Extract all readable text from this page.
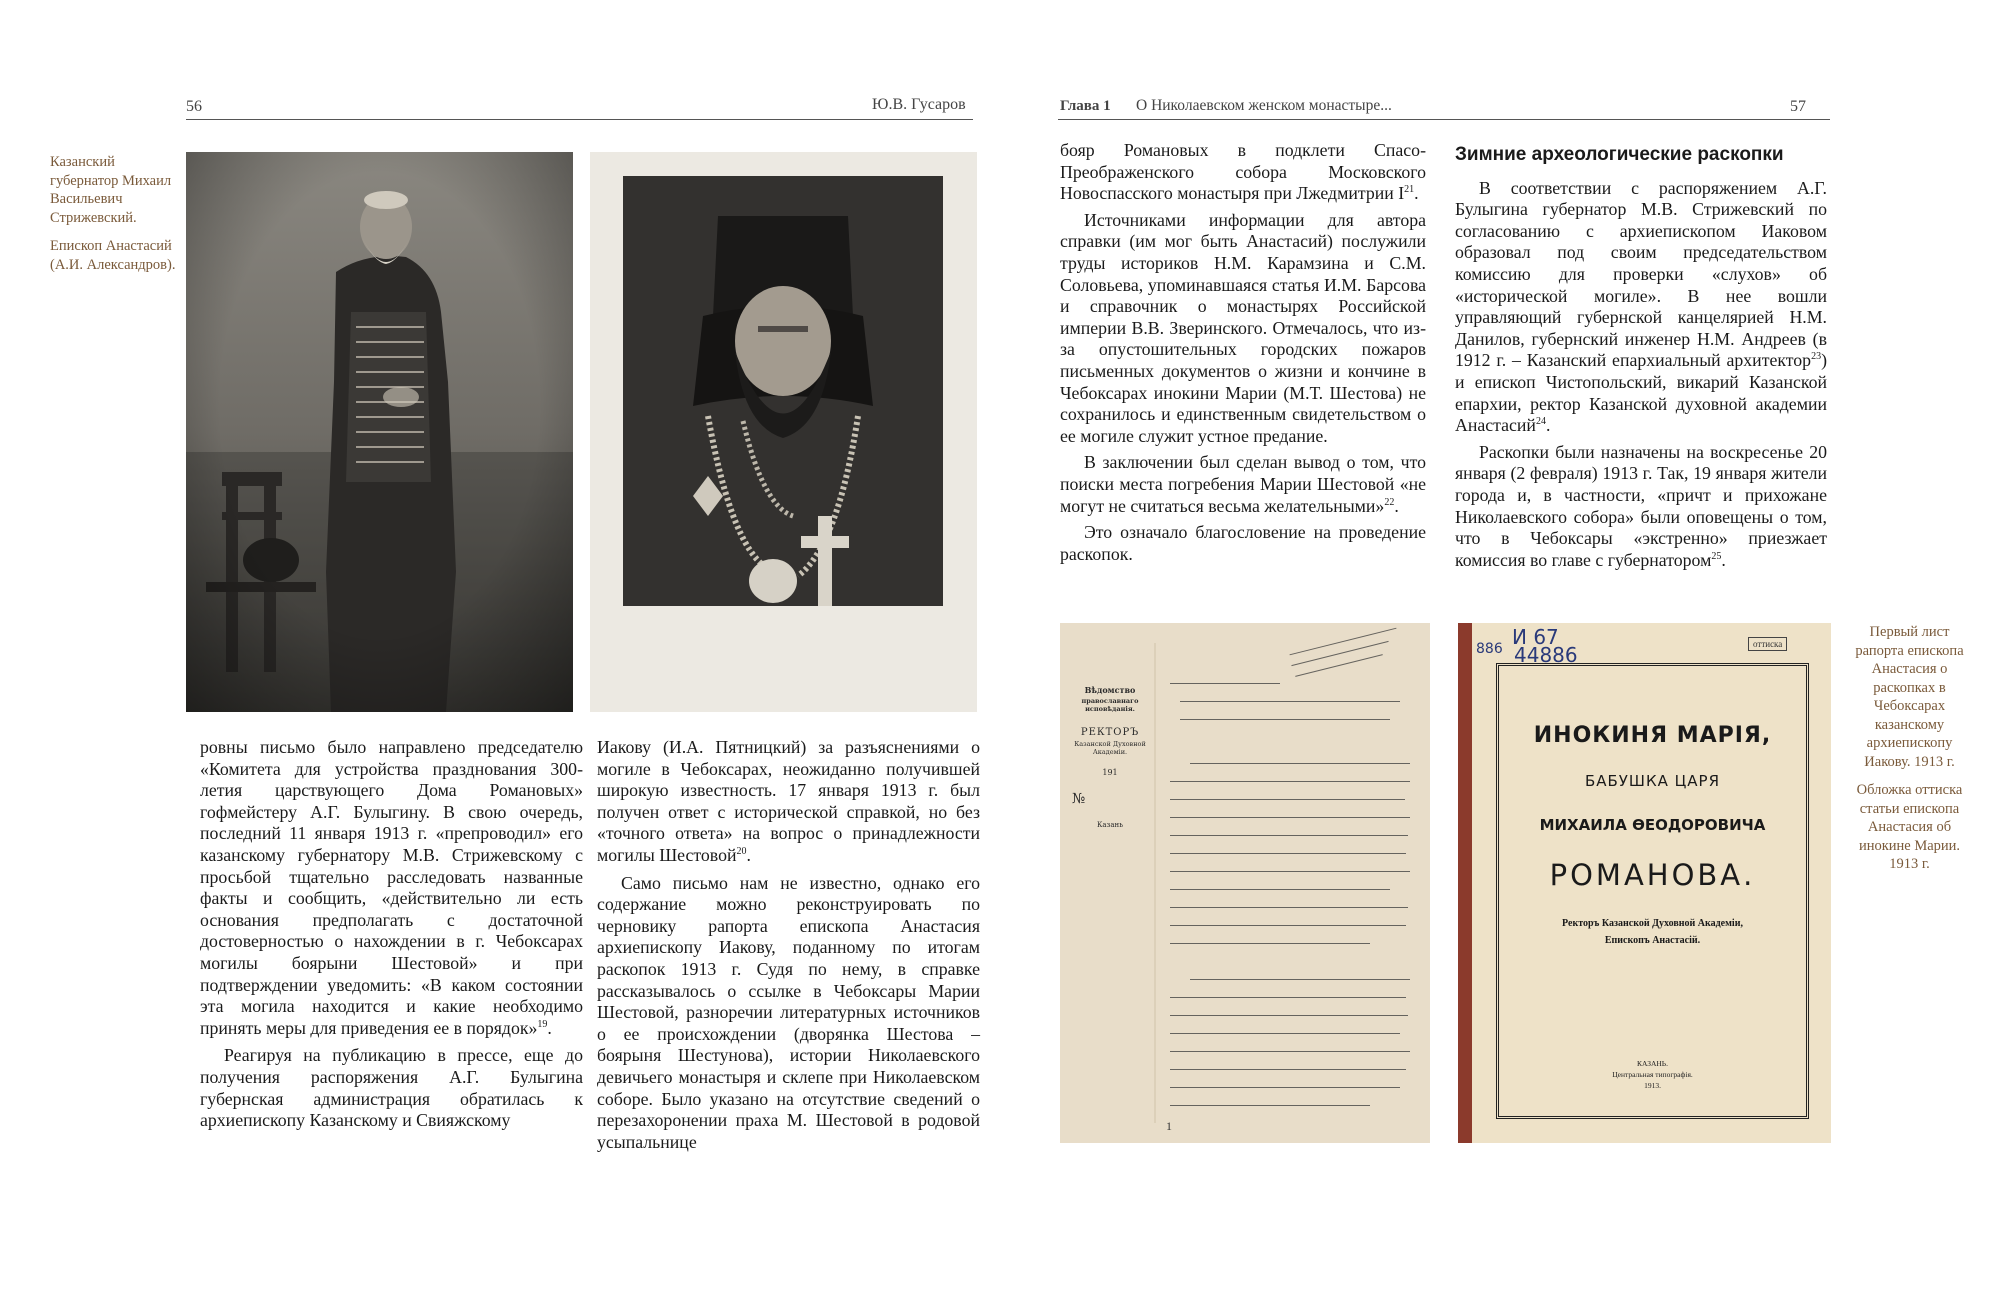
56	Ю.В. Гусаров

Казанский губернатор Михаил Васильевич Стрижевский.

Епископ Анастасий (А.И. Александров).

ровны письмо было направлено председателю «Комитета для устройства празднования 300-летия царствующего Дома Романовых» гофмейстеру А.Г. Булыгину. В свою очередь, последний 11 января 1913 г. «препроводил» его казанскому губернатору М.В. Стрижевскому с просьбой тщательно расследовать названные факты и сообщить, «действительно ли есть основания предполагать с достаточной достоверностью о нахождении в г. Чебоксарах могилы боярыни Шестовой» и при подтверждении уведомить: «В каком состоянии эта могила находится и какие необходимо принять меры для приведения ее в порядок»$^{19}$.

Реагируя на публикацию в прессе, еще до получения распоряжения А.Г. Булыгина губернская администрация обратилась к архиепископу Казанскому и Свияжскому

Иакову (И.А. Пятницкий) за разъяснениями о могиле в Чебоксарах, неожиданно получившей широкую известность. 17 января 1913 г. был получен ответ с исторической справкой, но без «точного ответа» на вопрос о принадлежности могилы Шестовой$^{20}$.

Само письмо нам не известно, однако его содержание можно реконструировать по черновику рапорта епископа Анастасия архиепископу Иакову, поданному по итогам раскопок 1913 г. Судя по нему, в справке рассказывалось о ссылке в Чебоксары Марии Шестовой, разноречии литературных источников о ее происхождении (дворянка Шестова – боярыня Шестунова), истории Николаевского девичьего монастыря и склепе при Николаевском соборе. Было указано на отсутствие сведений о перезахоронении праха М. Шестовой в родовой усыпальнице

Глава 1 О Николаевском женском монастыре...	57

бояр Романовых в подклети Спасо-Преображенского собора Московского Новоспасского монастыря при Лжедмитрии $I^{21}$.

Источниками информации для автора справки (им мог быть Анастасий) послужили труды историков Н.М. Карамзина и С.М. Соловьева, упоминавшаяся статья И.М. Барсова и справочник о монастырях Российской империи В.В. Зверинского. Отмечалось, что из-за опустошительных городских пожаров письменных документов о жизни и кончине в Чебоксарах инокини Марии (М.Т. Шестова) не сохранилось и единственным свидетельством о ее могиле служит устное предание.

В заключении был сделан вывод о том, что поиски места погребения Марии Шестовой «не могут не считаться весьма желательными»$^{22}$.

Это означало благословение на проведение раскопок.

Зимние археологические раскопки

В соответствии с распоряжением А.Г. Булыгина губернатор М.В. Стрижевский по согласованию с архиепископом Иаковом образовал под своим председательством комиссию для проверки «слухов» об «исторической могиле». В нее вошли управляющий губернской канцелярией Н.М. Данилов, губернский инженер Н.М. Андреев (в 1912 г. – Казанский епархиальный архитектор$^{23}$) и епископ Чистопольский, викарий Казанской епархии, ректор Казанской духовной академии Анастасий$^{24}$.

Раскопки были назначены на воскресенье 20 января (2 февраля) 1913 г. Так, 19 января жители города и, в частности, «причт и прихожане Николаевского собора» были оповещены о том, что в Чебоксары «экстренно» приезжает комиссия во главе с губернатором$^{25}$.

Вѣдомство
православнаго исповѣданія.
РЕКТОРЪ
Казанской Духовной Академіи.
191
№
Казань
1
И 67
44886
886	оттиска
ИНОКИНЯ МАРІЯ,
БАБУШКА ЦАРЯ
МИХАИЛА ѲЕОДОРОВИЧА
РОМАНОВА.
Ректоръ Казанской Духовной Академіи,
Епископъ Анастасій.
КАЗАНЬ.
Центральная типографія.
1913.

Первый лист рапорта епископа Анастасия о раскопках в Чебоксарах казанскому архиепископу Иакову. 1913 г.

Обложка оттиска статьи епископа Анастасия об инокине Марии. 1913 г.
